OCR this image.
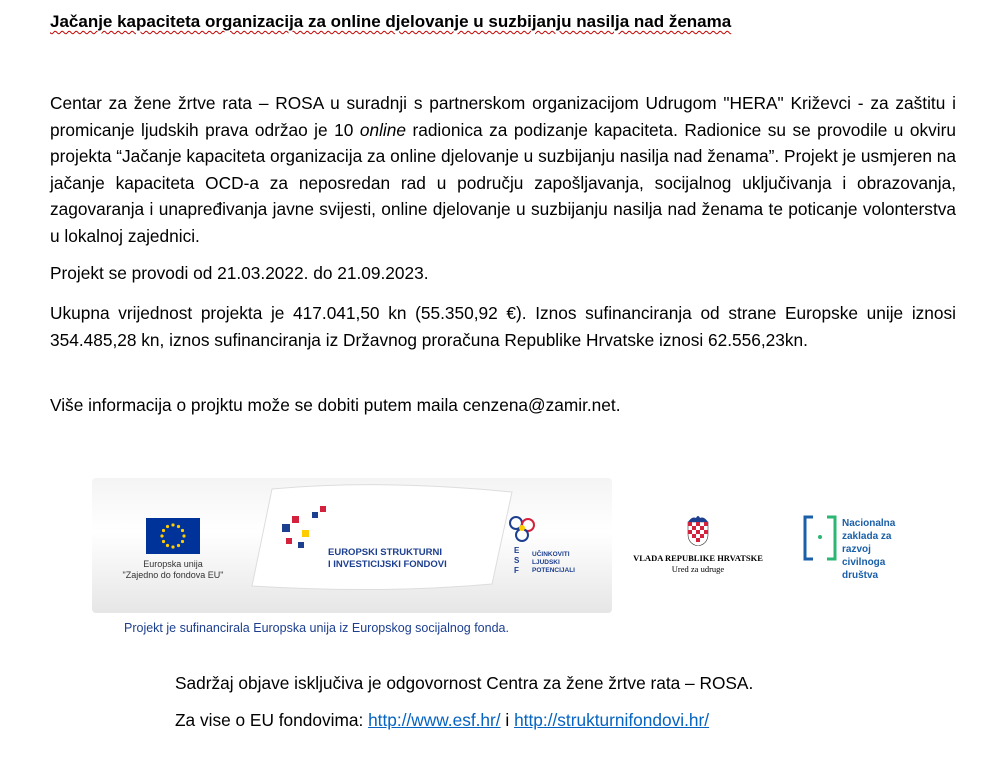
Jačanje kapaciteta organizacija za online djelovanje u suzbijanju nasilja nad ženama
Centar za žene žrtve rata – ROSA u suradnji s partnerskom organizacijom Udrugom "HERA" Križevci - za zaštitu i promicanje ljudskih prava održao je 10 online radionica za podizanje kapaciteta. Radionice su se provodile u okviru projekta “Jačanje kapaciteta organizacija za online djelovanje u suzbijanju nasilja nad ženama”. Projekt je usmjeren na jačanje kapaciteta OCD-a za neposredan rad u području zapošljavanja, socijalnog uključivanja i obrazovanja, zagovaranja i unapređivanja javne svijesti, online djelovanje u suzbijanju nasilja nad ženama te poticanje volonterstva u lokalnoj zajednici.
Projekt se provodi od 21.03.2022. do 21.09.2023.
Ukupna vrijednost projekta je 417.041,50 kn (55.350,92 €). Iznos sufinanciranja od strane Europske unije iznosi 354.485,28 kn, iznos sufinanciranja iz Državnog proračuna Republike Hrvatske iznosi 62.556,23kn.
Više informacija o projktu može se dobiti putem maila cenzena@zamir.net.
Europska unija
"Zajedno do fondova EU"
EUROPSKI STRUKTURNI
I INVESTICIJSKI FONDOVI
E
S
F
UČINKOVITI
LJUDSKI
POTENCIJALI
Projekt je sufinancirala Europska unija iz Europskog socijalnog fonda.
VLADA REPUBLIKE HRVATSKE
Ured za udruge
Nacionalna
zaklada za
razvoj
civilnoga
društva
Sadržaj objave isključiva je odgovornost Centra za žene žrtve rata – ROSA.
Za vise o EU fondovima: http://www.esf.hr/ i http://strukturnifondovi.hr/
